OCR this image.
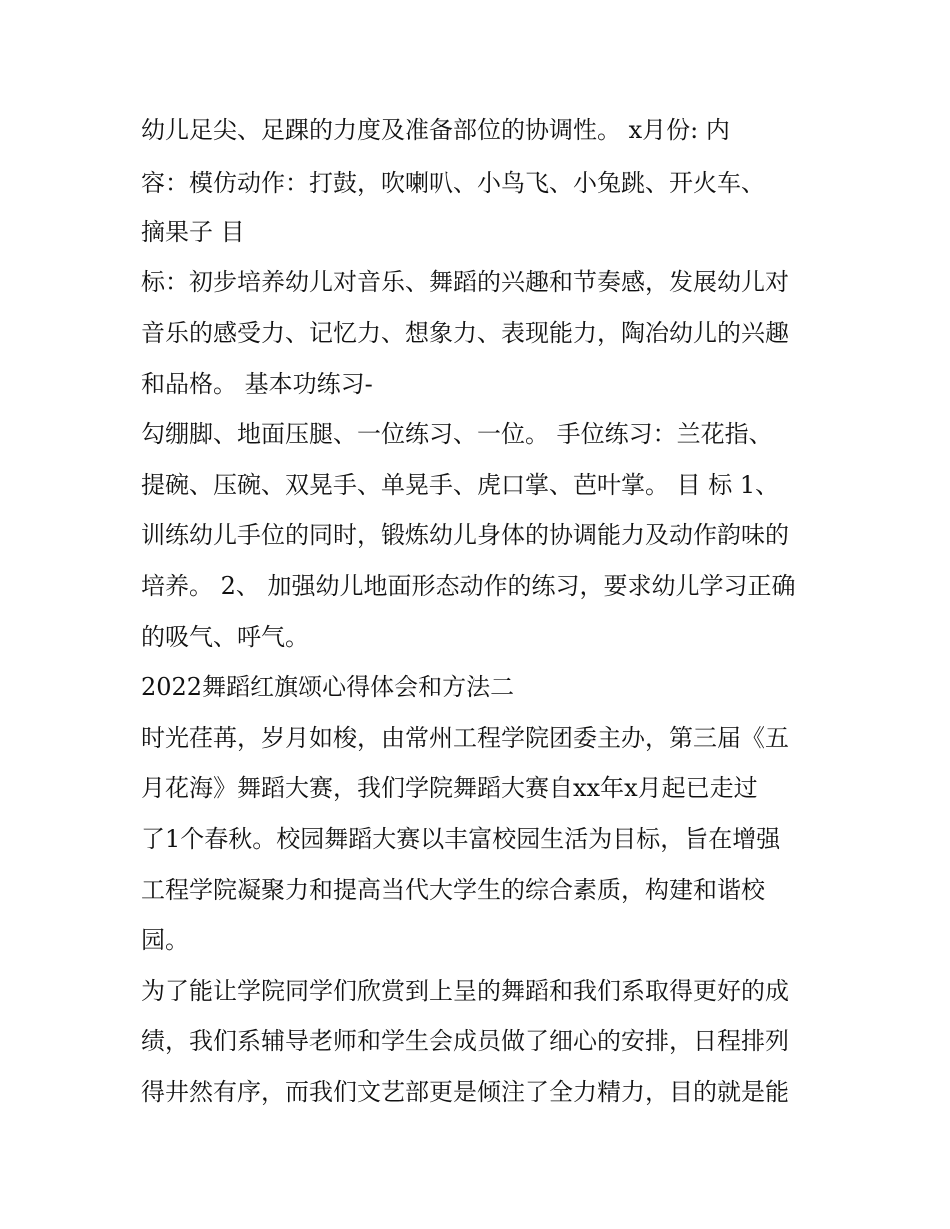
幼儿足尖、足踝的力度及准备部位的协调性。 x月份: 内
容：模仿动作：打鼓，吹喇叭、小鸟飞、小兔跳、开火车、
摘果子 目
标：初步培养幼儿对音乐、舞蹈的兴趣和节奏感，发展幼儿对
音乐的感受力、记忆力、想象力、表现能力，陶冶幼儿的兴趣
和品格。 基本功练习-
勾绷脚、地面压腿、一位练习、一位。 手位练习：兰花指、
提碗、压碗、双晃手、单晃手、虎口掌、芭叶掌。 目 标 1、
训练幼儿手位的同时，锻炼幼儿身体的协调能力及动作韵味的
培养。 2、 加强幼儿地面形态动作的练习，要求幼儿学习正确
的吸气、呼气。
2022舞蹈红旗颂心得体会和方法二
时光荏苒，岁月如梭，由常州工程学院团委主办，第三届《五
月花海》舞蹈大赛，我们学院舞蹈大赛自xx年x月起已走过
了1个春秋。校园舞蹈大赛以丰富校园生活为目标，旨在增强
工程学院凝聚力和提高当代大学生的综合素质，构建和谐校
园。
为了能让学院同学们欣赏到上呈的舞蹈和我们系取得更好的成
绩，我们系辅导老师和学生会成员做了细心的安排，日程排列
得井然有序，而我们文艺部更是倾注了全力精力，目的就是能
